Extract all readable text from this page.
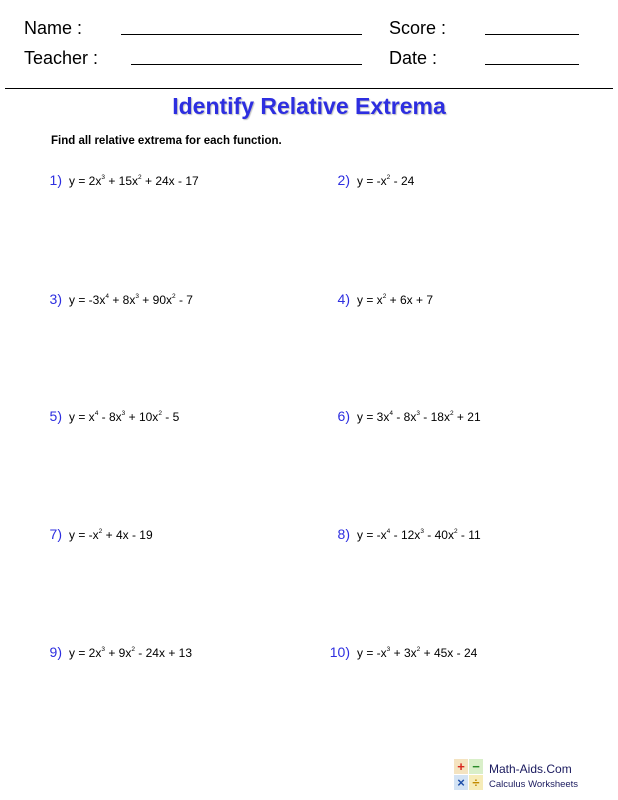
Name :	Score :
Teacher :	Date :
Identify Relative Extrema
Find all relative extrema for each function.
1) $y = 2x^3 + 15x^2 + 24x - 17$	2) $y = -x^2 - 24$
3) $y = -3x^4 + 8x^3 + 90x^2 - 7$	4) $y = x^2 + 6x + 7$
5) $y = x^4 - 8x^3 + 10x^2 - 5$	6) $y = 3x^4 - 8x^3 - 18x^2 + 21$
7) $y = -x^2 + 4x - 19$	8) $y = -x^4 - 12x^3 - 40x^2 - 11$
9) $y = 2x^3 + 9x^2 - 24x + 13$	10) $y = -x^3 + 3x^2 + 45x - 24$
+ −
× ÷
Math-Aids.Com
Calculus Worksheets
